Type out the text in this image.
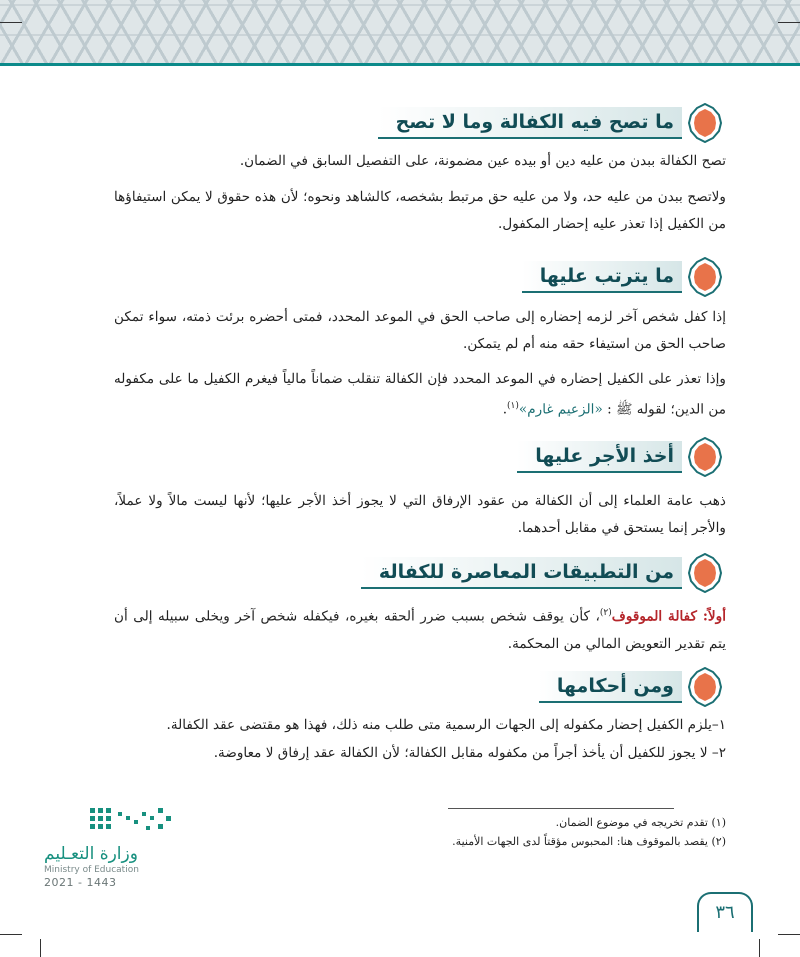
ما تصح فيه الكفالة وما لا تصح

تصح الكفالة ببدن من عليه دين أو بيده عين مضمونة، على التفصيل السابق في الضمان.

ولاتصح ببدن من عليه حد، ولا من عليه حق مرتبط بشخصه، كالشاهد ونحوه؛ لأن هذه حقوق لا يمكن استيفاؤها من الكفيل إذا تعذر عليه إحضار المكفول.

ما يترتب عليها

إذا كفل شخص آخر لزمه إحضاره إلى صاحب الحق في الموعد المحدد، فمتى أحضره برئت ذمته، سواء تمكن صاحب الحق من استيفاء حقه منه أم لم يتمكن.

وإذا تعذر على الكفيل إحضاره في الموعد المحدد فإن الكفالة تنقلب ضماناً مالياً فيغرم الكفيل ما على مكفوله من الدين؛ لقوله ﷺ : «الزعيم غارم»$^{(١)}$.

أخذ الأجر عليها

ذهب عامة العلماء إلى أن الكفالة من عقود الإرفاق التي لا يجوز أخذ الأجر عليها؛ لأنها ليست مالاً ولا عملاً، والأجر إنما يستحق في مقابل أحدهما.

من التطبيقات المعاصرة للكفالة

أولاً: كفالة الموقوف$^{(٢)}$، كأن يوقف شخص بسبب ضرر ألحقه بغيره، فيكفله شخص آخر ويخلى سبيله إلى أن يتم تقدير التعويض المالي من المحكمة.

ومن أحكامها

١–يلزم الكفيل إحضار مكفوله إلى الجهات الرسمية متى طلب منه ذلك، فهذا هو مقتضى عقد الكفالة.

٢– لا يجوز للكفيل أن يأخذ أجراً من مكفوله مقابل الكفالة؛ لأن الكفالة عقد إرفاق لا معاوضة.

(١) تقدم تخريجه في موضوع الضمان.

(٢) يقصد بالموقوف هنا: المحبوس مؤقتاً لدى الجهات الأمنية.

وزارة التعـليم

Ministry of Education

2021 - 1443

٣٦
